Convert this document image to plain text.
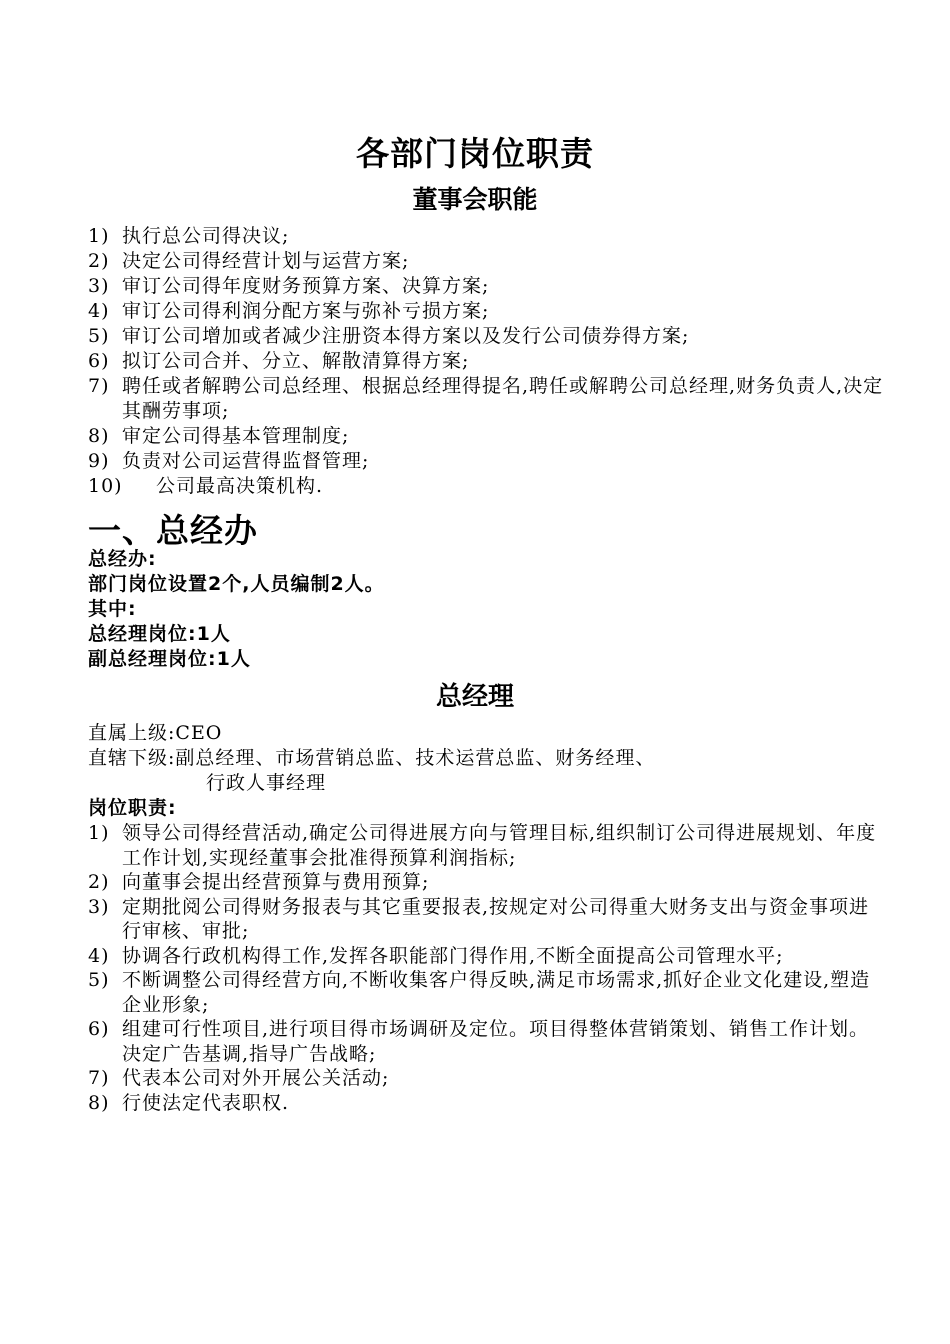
各部门岗位职责
董事会职能
1) 执行总公司得决议;
2) 决定公司得经营计划与运营方案;
3) 审订公司得年度财务预算方案、决算方案;
4) 审订公司得利润分配方案与弥补亏损方案;
5) 审订公司增加或者减少注册资本得方案以及发行公司债券得方案;
6) 拟订公司合并、分立、解散清算得方案;
7) 聘任或者解聘公司总经理、根据总经理得提名,聘任或解聘公司总经理,财务负责人,决定其酬劳事项;
8) 审定公司得基本管理制度;
9) 负责对公司运营得监督管理;
10) 公司最高决策机构.
一、总经办
总经办:
部门岗位设置2个,人员编制2人。
其中:
总经理岗位:1人
副总经理岗位:1人
总经理
直属上级:CEO
直辖下级:副总经理、市场营销总监、技术运营总监、财务经理、
行政人事经理
岗位职责:
1) 领导公司得经营活动,确定公司得进展方向与管理目标,组织制订公司得进展规划、年度工作计划,实现经董事会批准得预算利润指标;
2) 向董事会提出经营预算与费用预算;
3) 定期批阅公司得财务报表与其它重要报表,按规定对公司得重大财务支出与资金事项进行审核、审批;
4) 协调各行政机构得工作,发挥各职能部门得作用,不断全面提高公司管理水平;
5) 不断调整公司得经营方向,不断收集客户得反映,满足市场需求,抓好企业文化建设,塑造企业形象;
6) 组建可行性项目,进行项目得市场调研及定位。项目得整体营销策划、销售工作计划。决定广告基调,指导广告战略;
7) 代表本公司对外开展公关活动;
8) 行使法定代表职权.
